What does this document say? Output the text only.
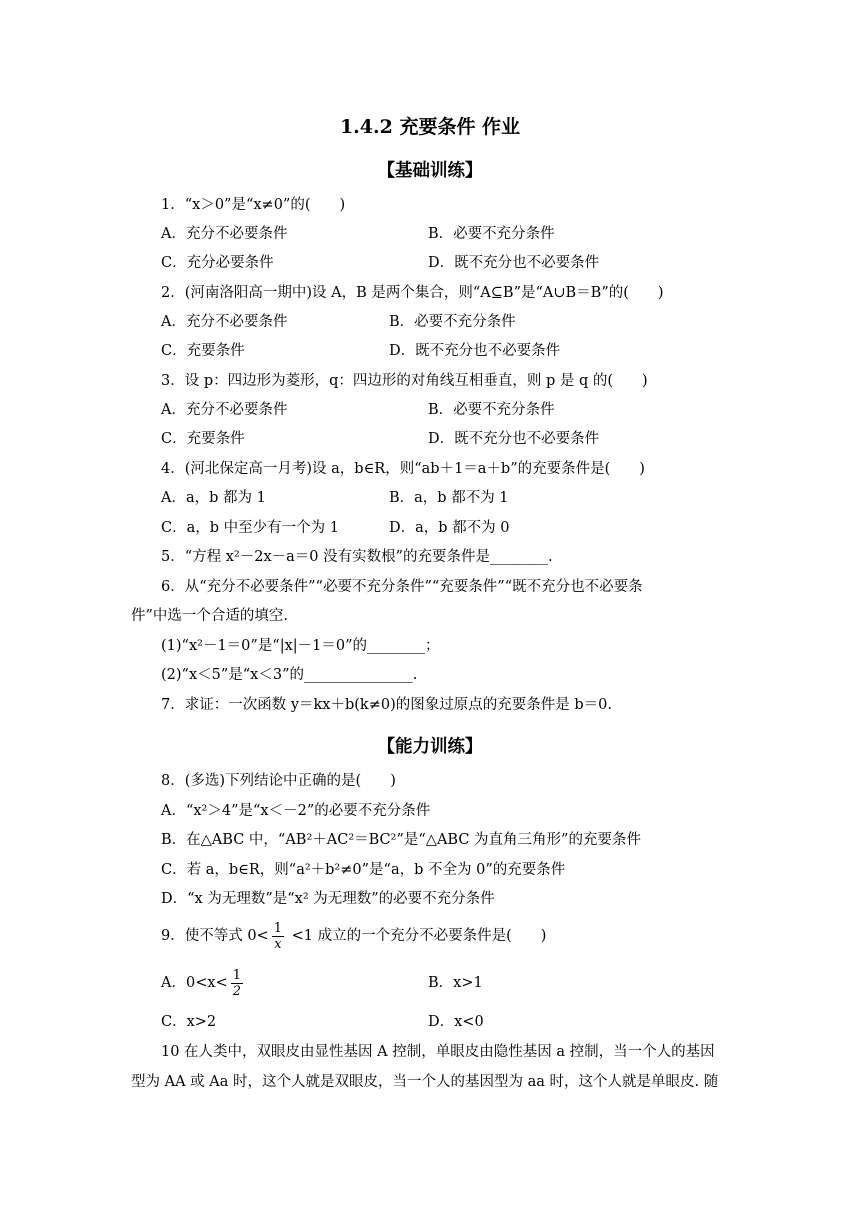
1.4.2 充要条件 作业
【基础训练】
1．“x＞0”是“x≠0”的(　　)
A．充分不必要条件	B．必要不充分条件
C．充分必要条件	D．既不充分也不必要条件
2．(河南洛阳高一期中)设 A，B 是两个集合，则“A⊆B”是“A∪B＝B”的(　　)
A．充分不必要条件	B．必要不充分条件
C．充要条件	D．既不充分也不必要条件
3．设 p：四边形为菱形，q：四边形的对角线互相垂直，则 p 是 q 的(　　)
A．充分不必要条件	B．必要不充分条件
C．充要条件	D．既不充分也不必要条件
4．(河北保定高一月考)设 a，b∈R，则“ab＋1＝a＋b”的充要条件是(　　)
A．a，b 都为 1	B．a，b 都不为 1
C．a，b 中至少有一个为 1	D．a，b 都不为 0
5．“方程 x²－2x－a＝0 没有实数根”的充要条件是________.
6．从“充分不必要条件”“必要不充分条件”“充要条件”“既不充分也不必要条
件”中选一个合适的填空.
(1)“x²－1＝0”是“|x|－1＝0”的________；
(2)“x＜5”是“x＜3”的_______________.
7．求证：一次函数 y＝kx＋b(k≠0)的图象过原点的充要条件是 b＝0.
【能力训练】
8．(多选)下列结论中正确的是(　　)
A．“x²＞4”是“x＜－2”的必要不充分条件
B．在△ABC 中，“AB²＋AC²＝BC²”是“△ABC 为直角三角形”的充要条件
C．若 a，b∈R，则“a²＋b²≠0”是“a，b 不全为 0”的充要条件
D．“x 为无理数”是“x² 为无理数”的必要不充分条件
9．使不等式 $0< \frac{1}{x} <1$ 成立的一个充分不必要条件是(　　)
A．$0<x< \frac{1}{2}$	B．x>1
C．x>2	D．x<0
10 在人类中，双眼皮由显性基因 A 控制，单眼皮由隐性基因 a 控制，当一个人的基因
型为 AA 或 Aa 时，这个人就是双眼皮，当一个人的基因型为 aa 时，这个人就是单眼皮. 随
